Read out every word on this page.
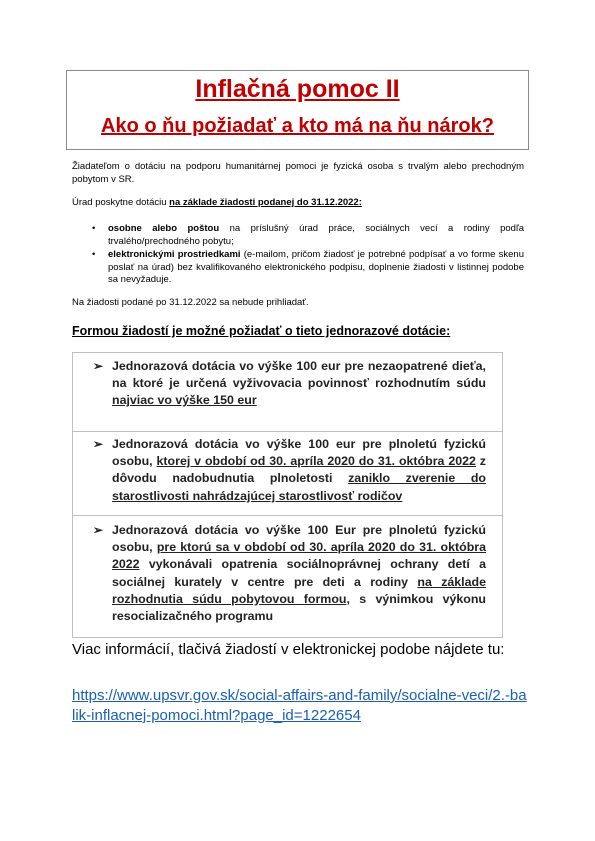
Inflačná pomoc II
Ako o ňu požiadať a kto má na ňu nárok?
Žiadateľom o dotáciu na podporu humanitárnej pomoci je fyzická osoba s trvalým alebo prechodným pobytom v SR.
Úrad poskytne dotáciu na základe žiadosti podanej do 31.12.2022:
• osobne alebo poštou na príslušný úrad práce, sociálnych vecí a rodiny podľa trvalého/prechodného pobytu;
• elektronickými prostriedkami (e-mailom, pričom žiadosť je potrebné podpísať a vo forme skenu poslať na úrad) bez kvalifikovaného elektronického podpisu, doplnenie žiadosti v listinnej podobe sa nevyžaduje.
Na žiadosti podané po 31.12.2022 sa nebude prihliadať.
Formou žiadostí je možné požiadať o tieto jednorazové dotácie:
➢ Jednorazová dotácia vo výške 100 eur pre nezaopatrené dieťa, na ktoré je určená vyživovacia povinnosť rozhodnutím súdu najviac vo výške 150 eur
➢ Jednorazová dotácia vo výške 100 eur pre plnoletú fyzickú osobu, ktorej v období od 30. apríla 2020 do 31. októbra 2022 z dôvodu nadobudnutia plnoletosti zaniklo zverenie do starostlivosti nahrádzajúcej starostlivosť rodičov
➢ Jednorazová dotácia vo výške 100 Eur pre plnoletú fyzickú osobu, pre ktorú sa v období od 30. apríla 2020 do 31. októbra 2022 vykonávali opatrenia sociálnoprávnej ochrany detí a sociálnej kurately v centre pre deti a rodiny na základe rozhodnutia súdu pobytovou formou, s výnimkou výkonu resocializačného programu
Viac informácií, tlačivá žiadostí v elektronickej podobe nájdete tu:
https://www.upsvr.gov.sk/social-affairs-and-family/socialne-veci/2.-balik-inflacnej-pomoci.html?page_id=1222654
